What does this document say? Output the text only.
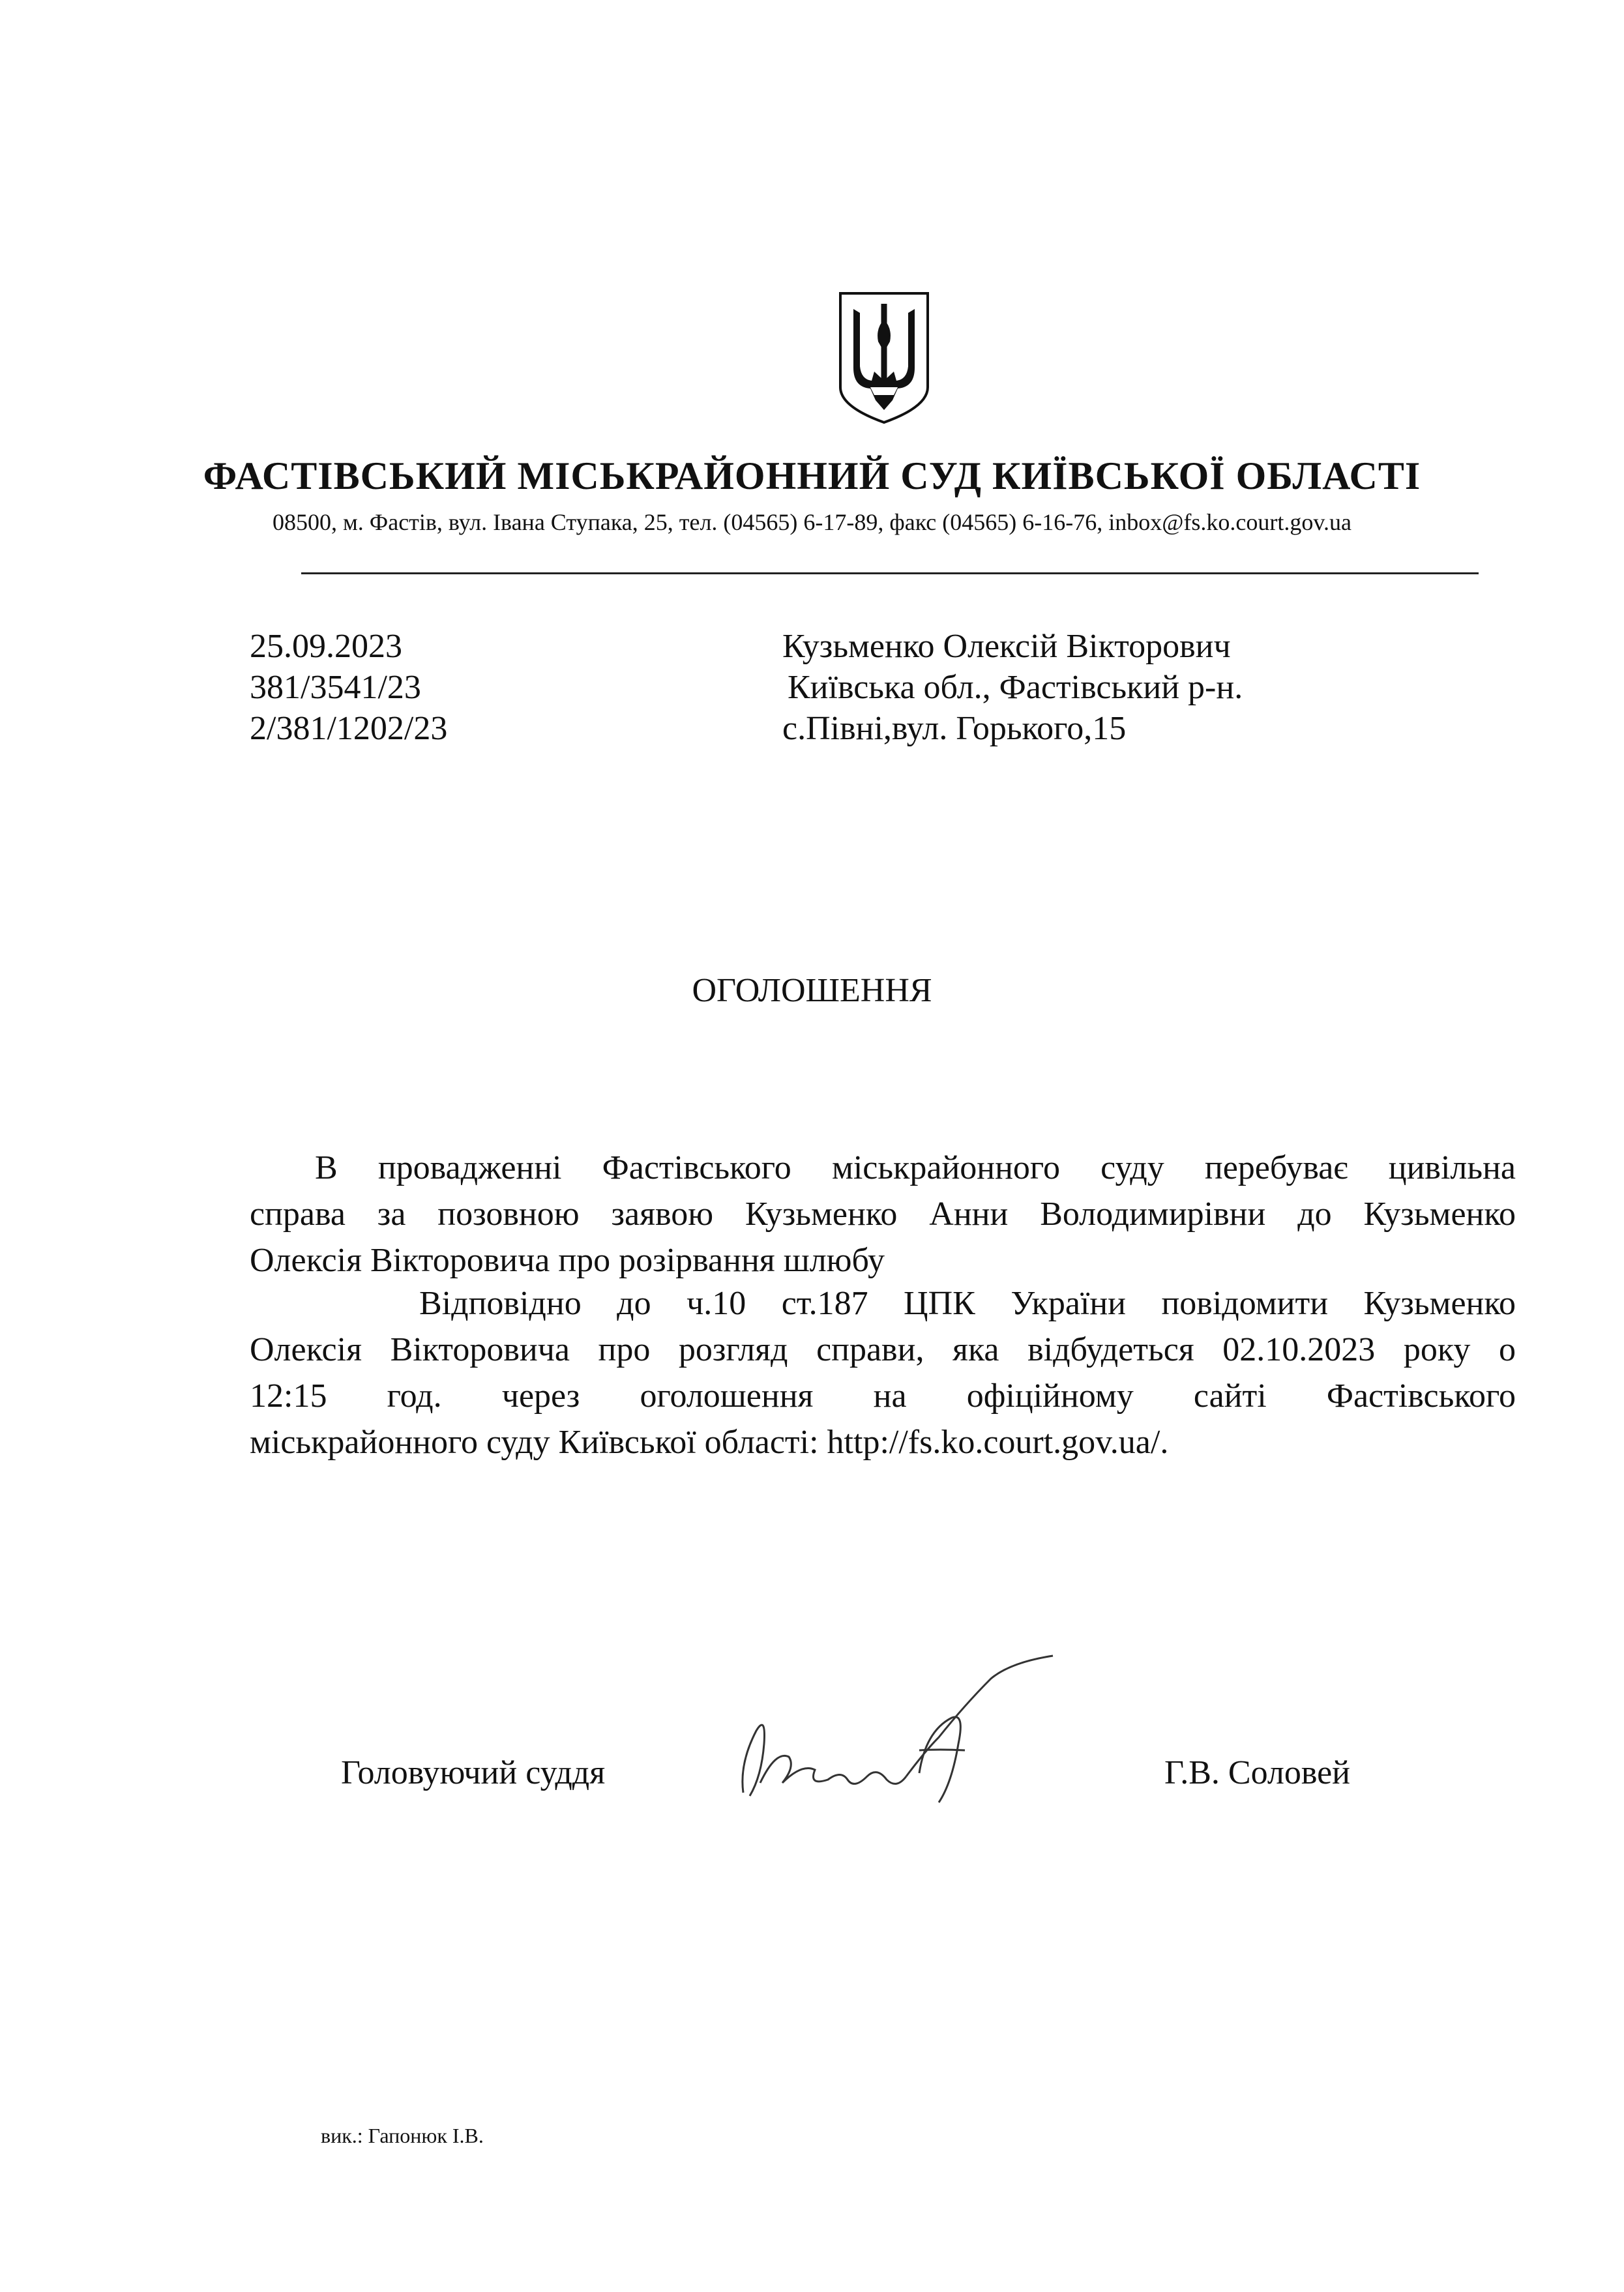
ФАСТІВСЬКИЙ МІСЬКРАЙОННИЙ СУД КИЇВСЬКОЇ ОБЛАСТІ
08500, м. Фастів, вул. Івана Ступака, 25, тел. (04565) 6-17-89, факс (04565) 6-16-76, inbox@fs.ko.court.gov.ua
25.09.2023
381/3541/23
2/381/1202/23
Кузьменко Олексій Вікторович
Київська обл., Фастівський р-н.
с.Півні,вул. Горького,15
ОГОЛОШЕННЯ
В провадженні Фастівського міськрайонного суду перебуває цивільна
справа за позовною заявою Кузьменко Анни Володимирівни до Кузьменко
Олексія Вікторовича про розірвання шлюбу
Відповідно до ч.10 ст.187 ЦПК України повідомити Кузьменко
Олексія Вікторовича про розгляд справи, яка відбудеться 02.10.2023 року о
12:15 год. через оголошення на офіційному сайті Фастівського
міськрайонного суду Київської області: http://fs.ko.court.gov.ua/.
Головуючий суддя	Г.В. Соловей
вик.: Гапонюк І.В.
